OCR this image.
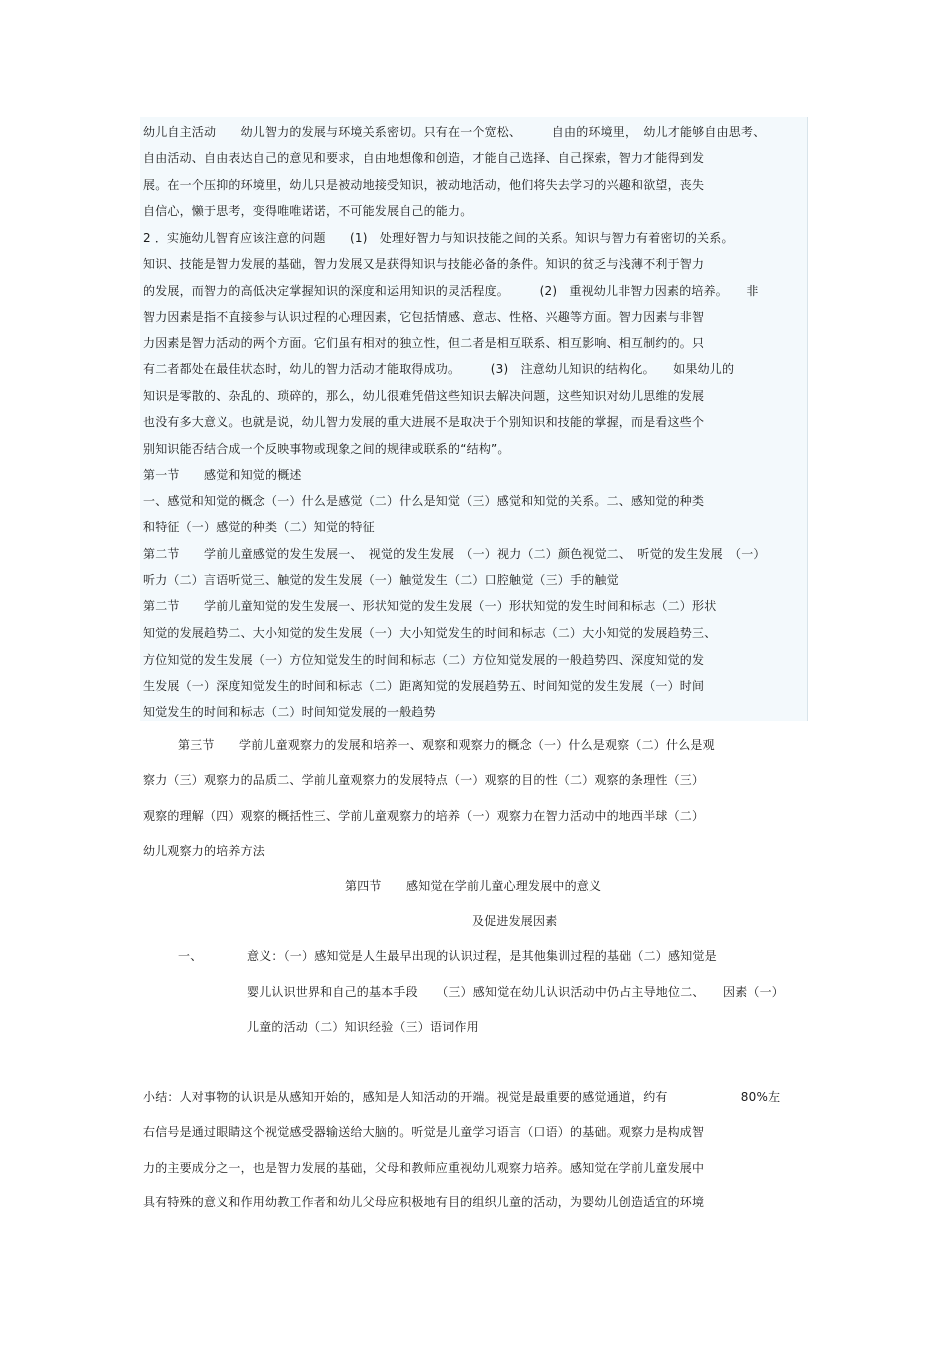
幼儿自主活动　　幼儿智力的发展与环境关系密切。只有在一个宽松、　　　自由的环境里，　幼儿才能够自由思考、
自由活动、自由表达自己的意见和要求，自由地想像和创造，才能自己选择、自己探索，智力才能得到发
展。在一个压抑的环境里，幼儿只是被动地接受知识，被动地活动，他们将失去学习的兴趣和欲望，丧失
自信心，懒于思考，变得唯唯诺诺，不可能发展自己的能力。
2 ．实施幼儿智育应该注意的问题　　(1)　处理好智力与知识技能之间的关系。知识与智力有着密切的关系。
知识、技能是智力发展的基础，智力发展又是获得知识与技能必备的条件。知识的贫乏与浅薄不利于智力
的发展，而智力的高低决定掌握知识的深度和运用知识的灵活程度。　　　(2)　重视幼儿非智力因素的培养。　　非
智力因素是指不直接参与认识过程的心理因素，它包括情感、意志、性格、兴趣等方面。智力因素与非智
力因素是智力活动的两个方面。它们虽有相对的独立性，但二者是相互联系、相互影响、相互制约的。只
有二者都处在最佳状态时，幼儿的智力活动才能取得成功。　　　(3)　注意幼儿知识的结构化。　　如果幼儿的
知识是零散的、杂乱的、琐碎的，那么，幼儿很难凭借这些知识去解决问题，这些知识对幼儿思维的发展
也没有多大意义。也就是说，幼儿智力发展的重大进展不是取决于个别知识和技能的掌握，而是看这些个
别知识能否结合成一个反映事物或现象之间的规律或联系的“结构”。
第一节　　感觉和知觉的概述
一、感觉和知觉的概念（一）什么是感觉（二）什么是知觉（三）感觉和知觉的关系。二、感知觉的种类
和特征（一）感觉的种类（二）知觉的特征
第二节　　学前儿童感觉的发生发展一、　视觉的发生发展　（一）视力（二）颜色视觉二、　听觉的发生发展　（一）
听力（二）言语听觉三、触觉的发生发展（一）触觉发生（二）口腔触觉（三）手的触觉
第二节　　学前儿童知觉的发生发展一、形状知觉的发生发展（一）形状知觉的发生时间和标志（二）形状
知觉的发展趋势二、大小知觉的发生发展（一）大小知觉发生的时间和标志（二）大小知觉的发展趋势三、
方位知觉的发生发展（一）方位知觉发生的时间和标志（二）方位知觉发展的一般趋势四、深度知觉的发
生发展（一）深度知觉发生的时间和标志（二）距离知觉的发展趋势五、时间知觉的发生发展（一）时间
知觉发生的时间和标志（二）时间知觉发展的一般趋势
第三节　　学前儿童观察力的发展和培养一、观察和观察力的概念（一）什么是观察（二）什么是观
察力（三）观察力的品质二、学前儿童观察力的发展特点（一）观察的目的性（二）观察的条理性（三）
观察的理解（四）观察的概括性三、学前儿童观察力的培养（一）观察力在智力活动中的地西半球（二）
幼儿观察力的培养方法
第四节　　感知觉在学前儿童心理发展中的意义
及促进发展因素
一、	意义：（一）感知觉是人生最早出现的认识过程，是其他集训过程的基础（二）感知觉是
婴儿认识世界和自己的基本手段　　（三）感知觉在幼儿认识活动中仍占主导地位二、　　因素（一）
儿童的活动（二）知识经验（三）语词作用
小结：人对事物的认识是从感知开始的，感知是人知活动的开端。视觉是最重要的感觉通道，约有　　　　　　80%左
右信号是通过眼睛这个视觉感受器输送给大脑的。听觉是儿童学习语言（口语）的基础。观察力是构成智
力的主要成分之一，也是智力发展的基础，父母和教师应重视幼儿观察力培养。感知觉在学前儿童发展中
具有特殊的意义和作用幼教工作者和幼儿父母应积极地有目的组织儿童的活动，为婴幼儿创造适宜的环境
